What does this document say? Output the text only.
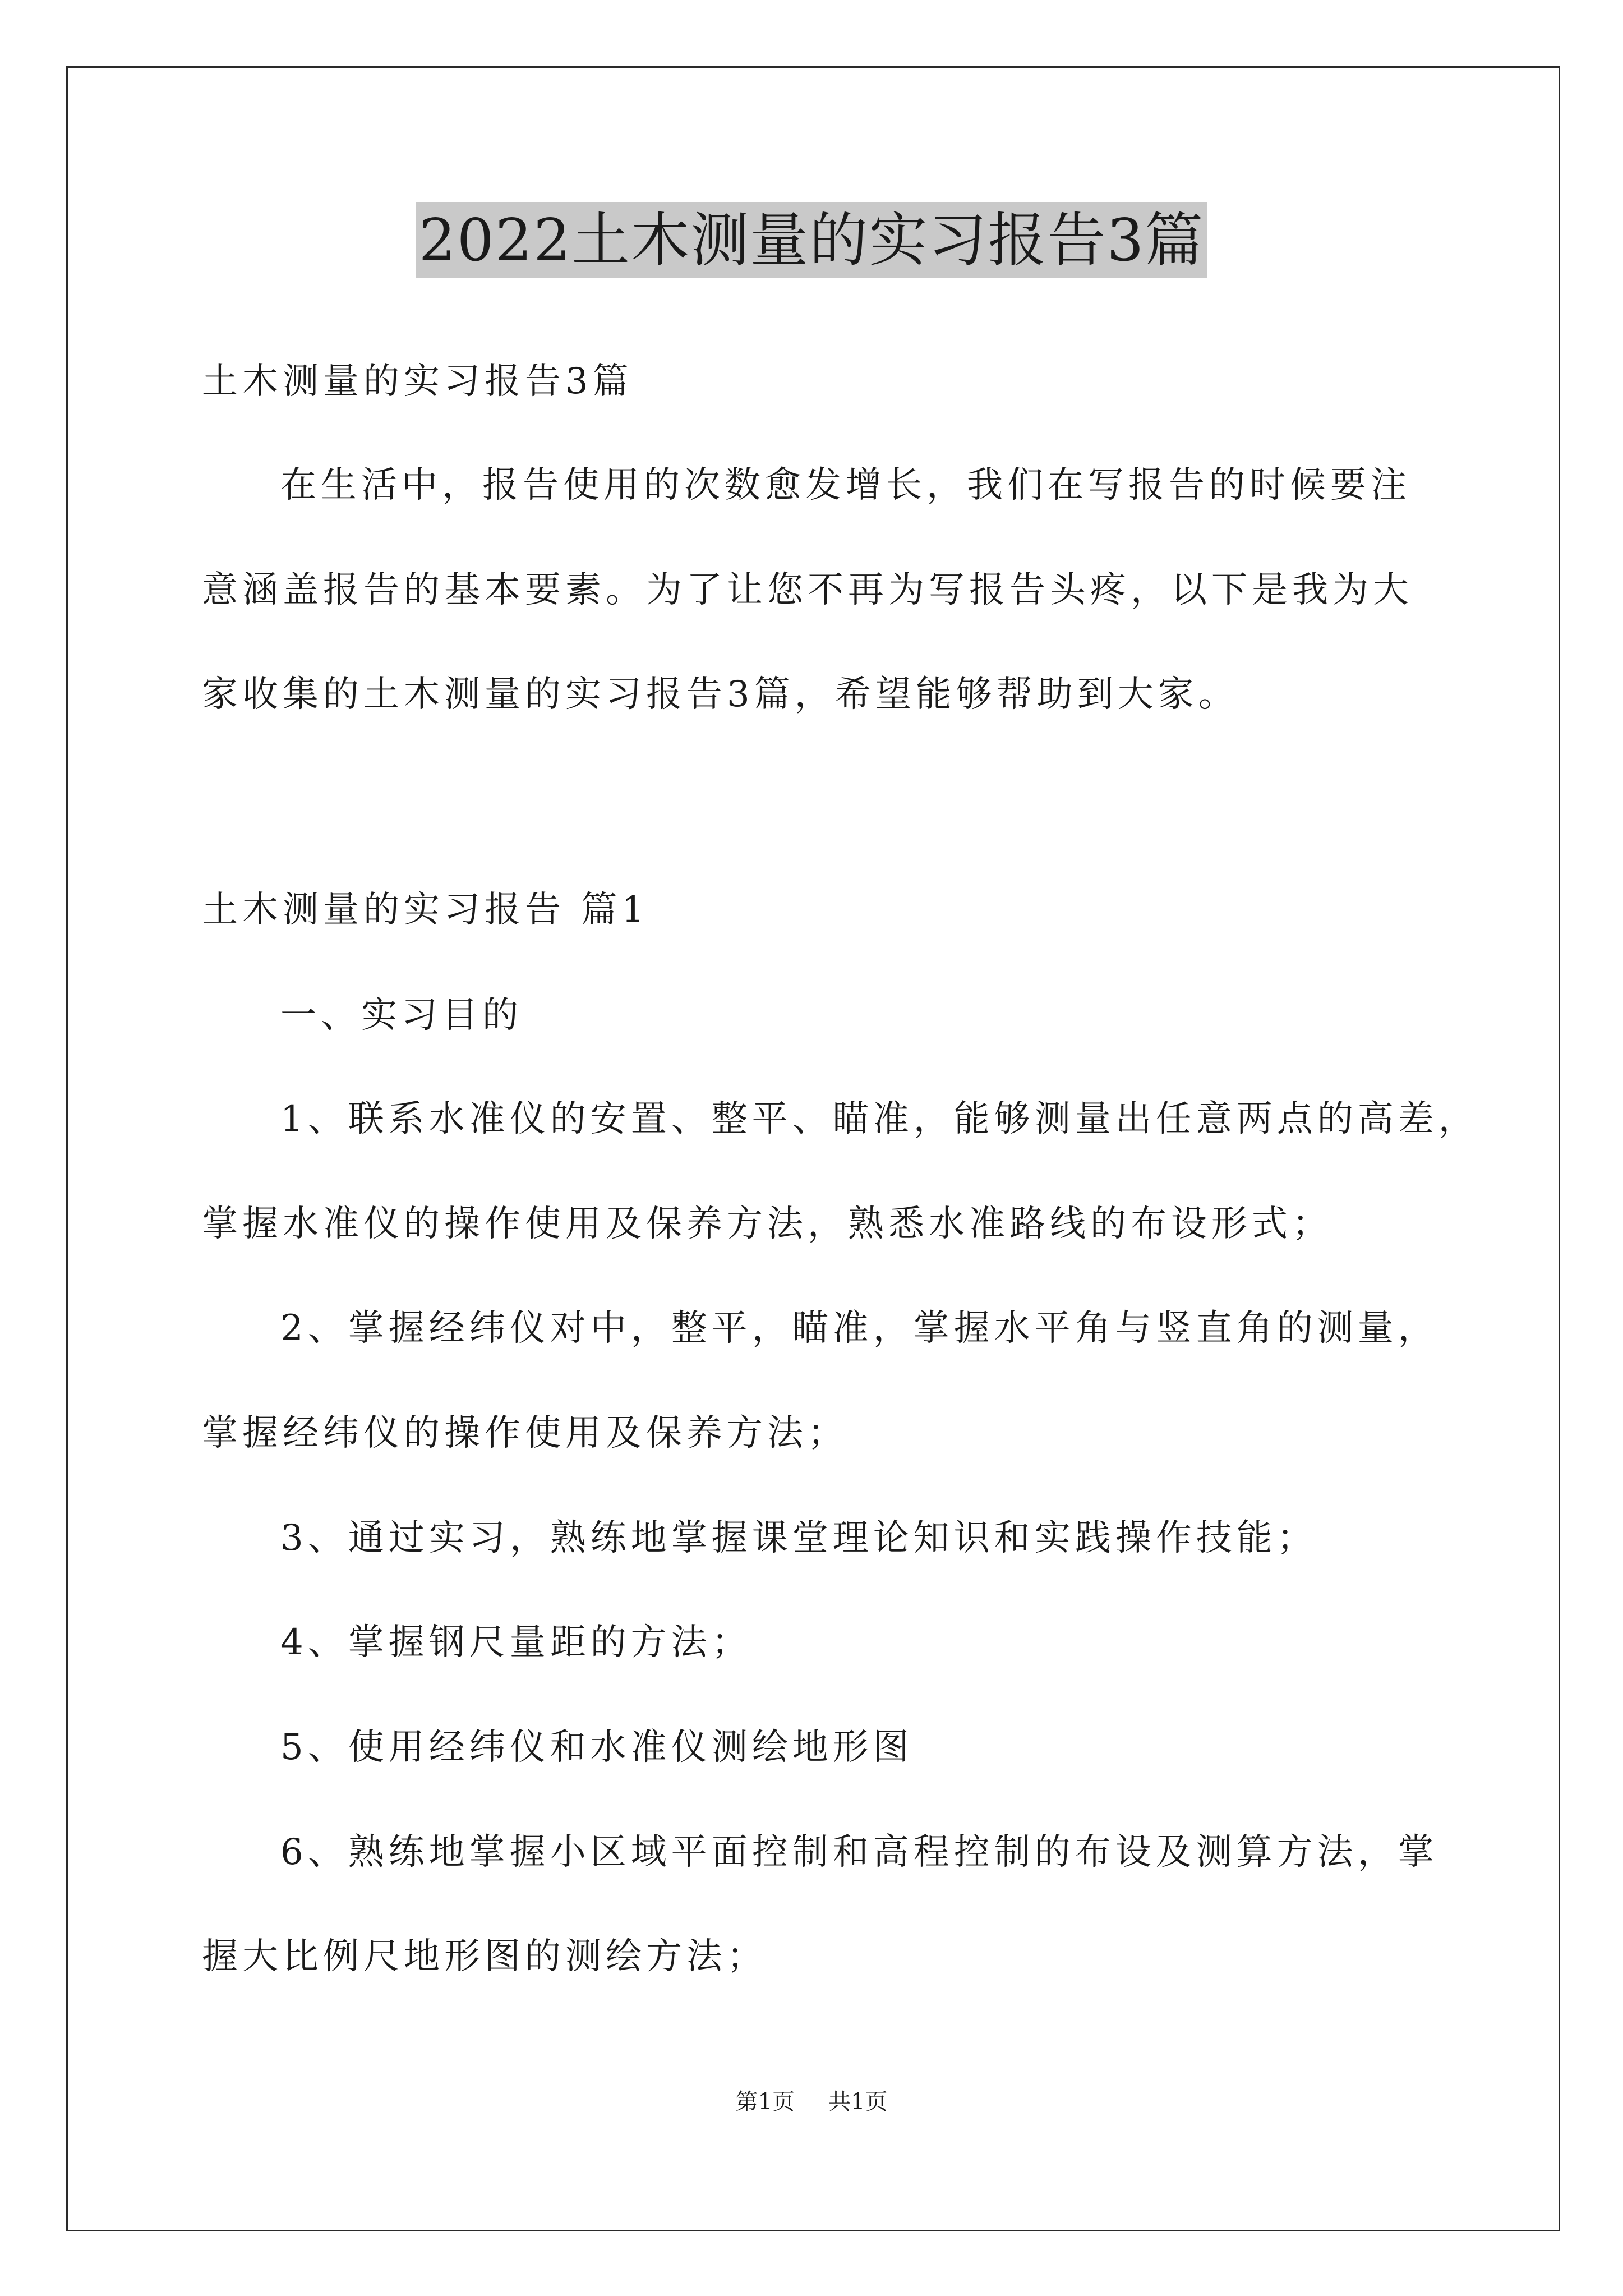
2022土木测量的实习报告3篇
土木测量的实习报告3篇
在生活中，报告使用的次数愈发增长，我们在写报告的时候要注
意涵盖报告的基本要素。为了让您不再为写报告头疼，以下是我为大
家收集的土木测量的实习报告3篇，希望能够帮助到大家。
土木测量的实习报告 篇1
一、实习目的
1、联系水准仪的安置、整平、瞄准，能够测量出任意两点的高差，
掌握水准仪的操作使用及保养方法，熟悉水准路线的布设形式；
2、掌握经纬仪对中，整平，瞄准，掌握水平角与竖直角的测量，
掌握经纬仪的操作使用及保养方法；
3、通过实习，熟练地掌握课堂理论知识和实践操作技能；
4、掌握钢尺量距的方法；
5、使用经纬仪和水准仪测绘地形图
6、熟练地掌握小区域平面控制和高程控制的布设及测算方法，掌
握大比例尺地形图的测绘方法；
第1页 共1页
